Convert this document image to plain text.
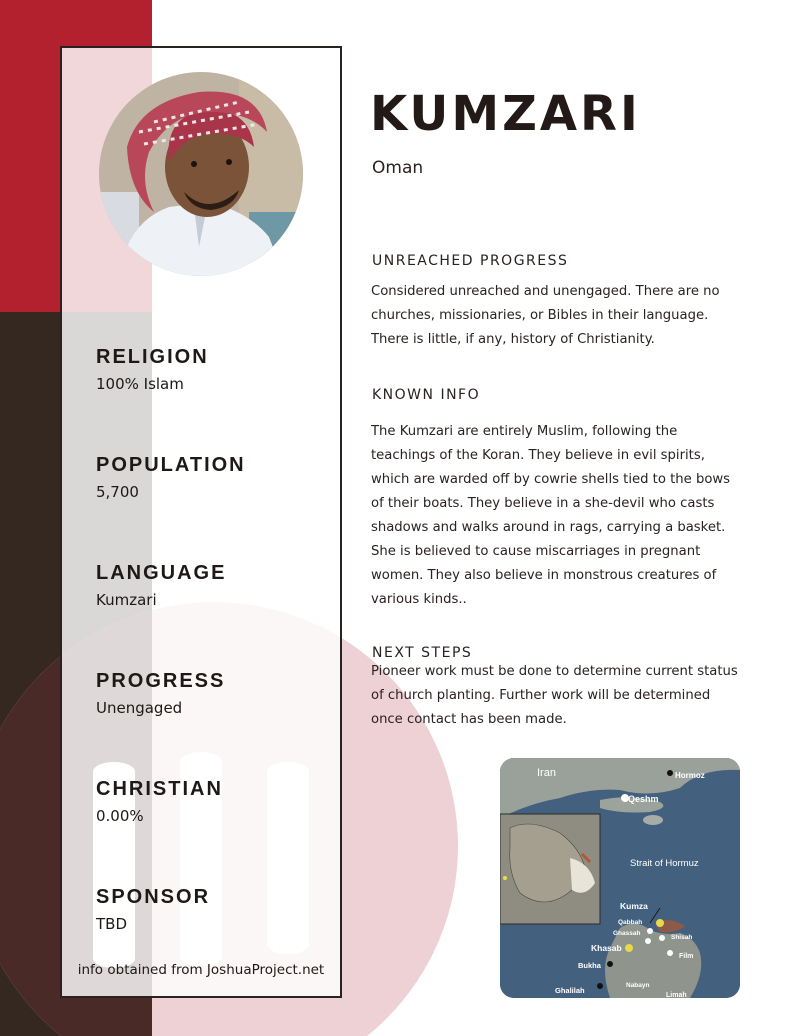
RELIGION
100% Islam
POPULATION
5,700
LANGUAGE
Kumzari
PROGRESS
Unengaged
CHRISTIAN
0.00%
SPONSOR
TBD
info obtained from JoshuaProject.net
KUMZARI
Oman
UNREACHED PROGRESS
Considered unreached and unengaged. There are no churches, missionaries, or Bibles in their language. There is little, if any, history of Christianity.
KNOWN INFO
The Kumzari are entirely Muslim, following the teachings of the Koran. They believe in evil spirits, which are warded off by cowrie shells tied to the bows of their boats. They believe in a she-devil who casts shadows and walks around in rags, carrying a basket. She is believed to cause miscarriages in pregnant women. They also believe in monstrous creatures of various kinds..
NEXT STEPS
Pioneer work must be done to determine current status of church planting. Further work will be determined once contact has been made.
Iran	Hormoz
Qeshm
Strait of Hormuz
Kumza
Qabbah
Ghassah
Shisah
Khasab
Film
Bukha
Nabayn
Ghalilah
Limah
